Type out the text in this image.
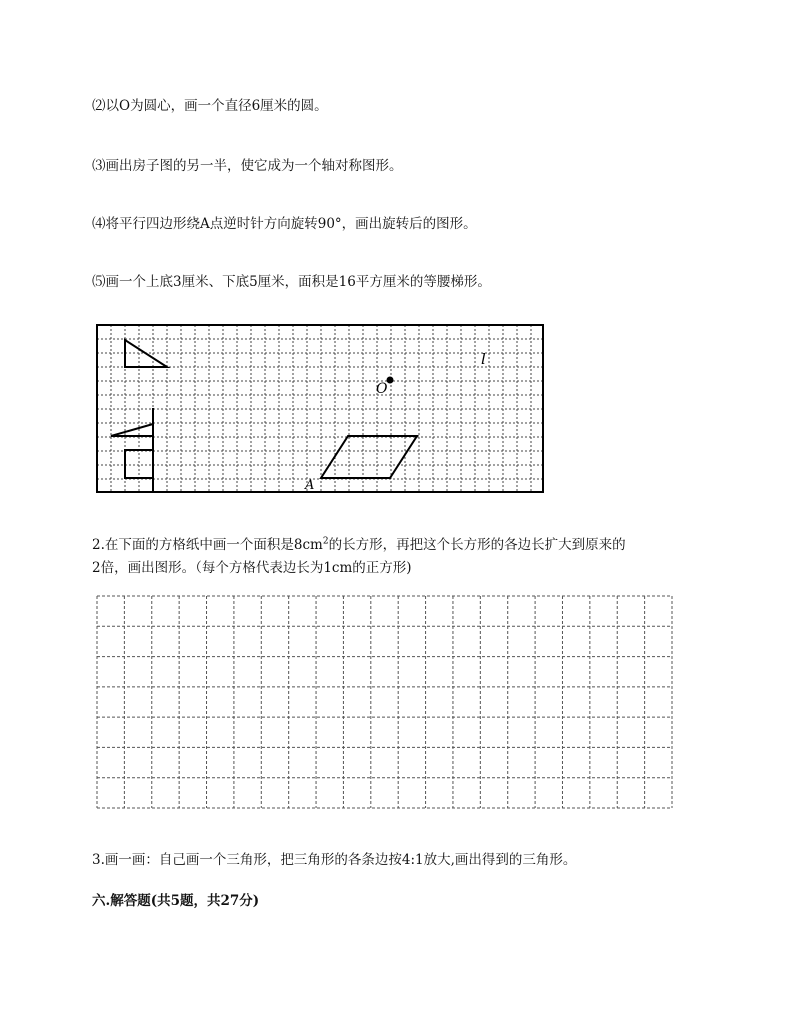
⑵以O为圆心，画一个直径6厘米的圆。
⑶画出房子图的另一半，使它成为一个轴对称图形。
⑷将平行四边形绕A点逆时针方向旋转90°，画出旋转后的图形。
⑸画一个上底3厘米、下底5厘米，面积是16平方厘米的等腰梯形。
O
l
A
2.在下面的方格纸中画一个面积是$8cm^2$的长方形，再把这个长方形的各边长扩大到原来的
2倍，画出图形。（每个方格代表边长为1cm的正方形)
3.画一画：自己画一个三角形，把三角形的各条边按4:1放大,画出得到的三角形。
六.解答题(共5题，共27分)
